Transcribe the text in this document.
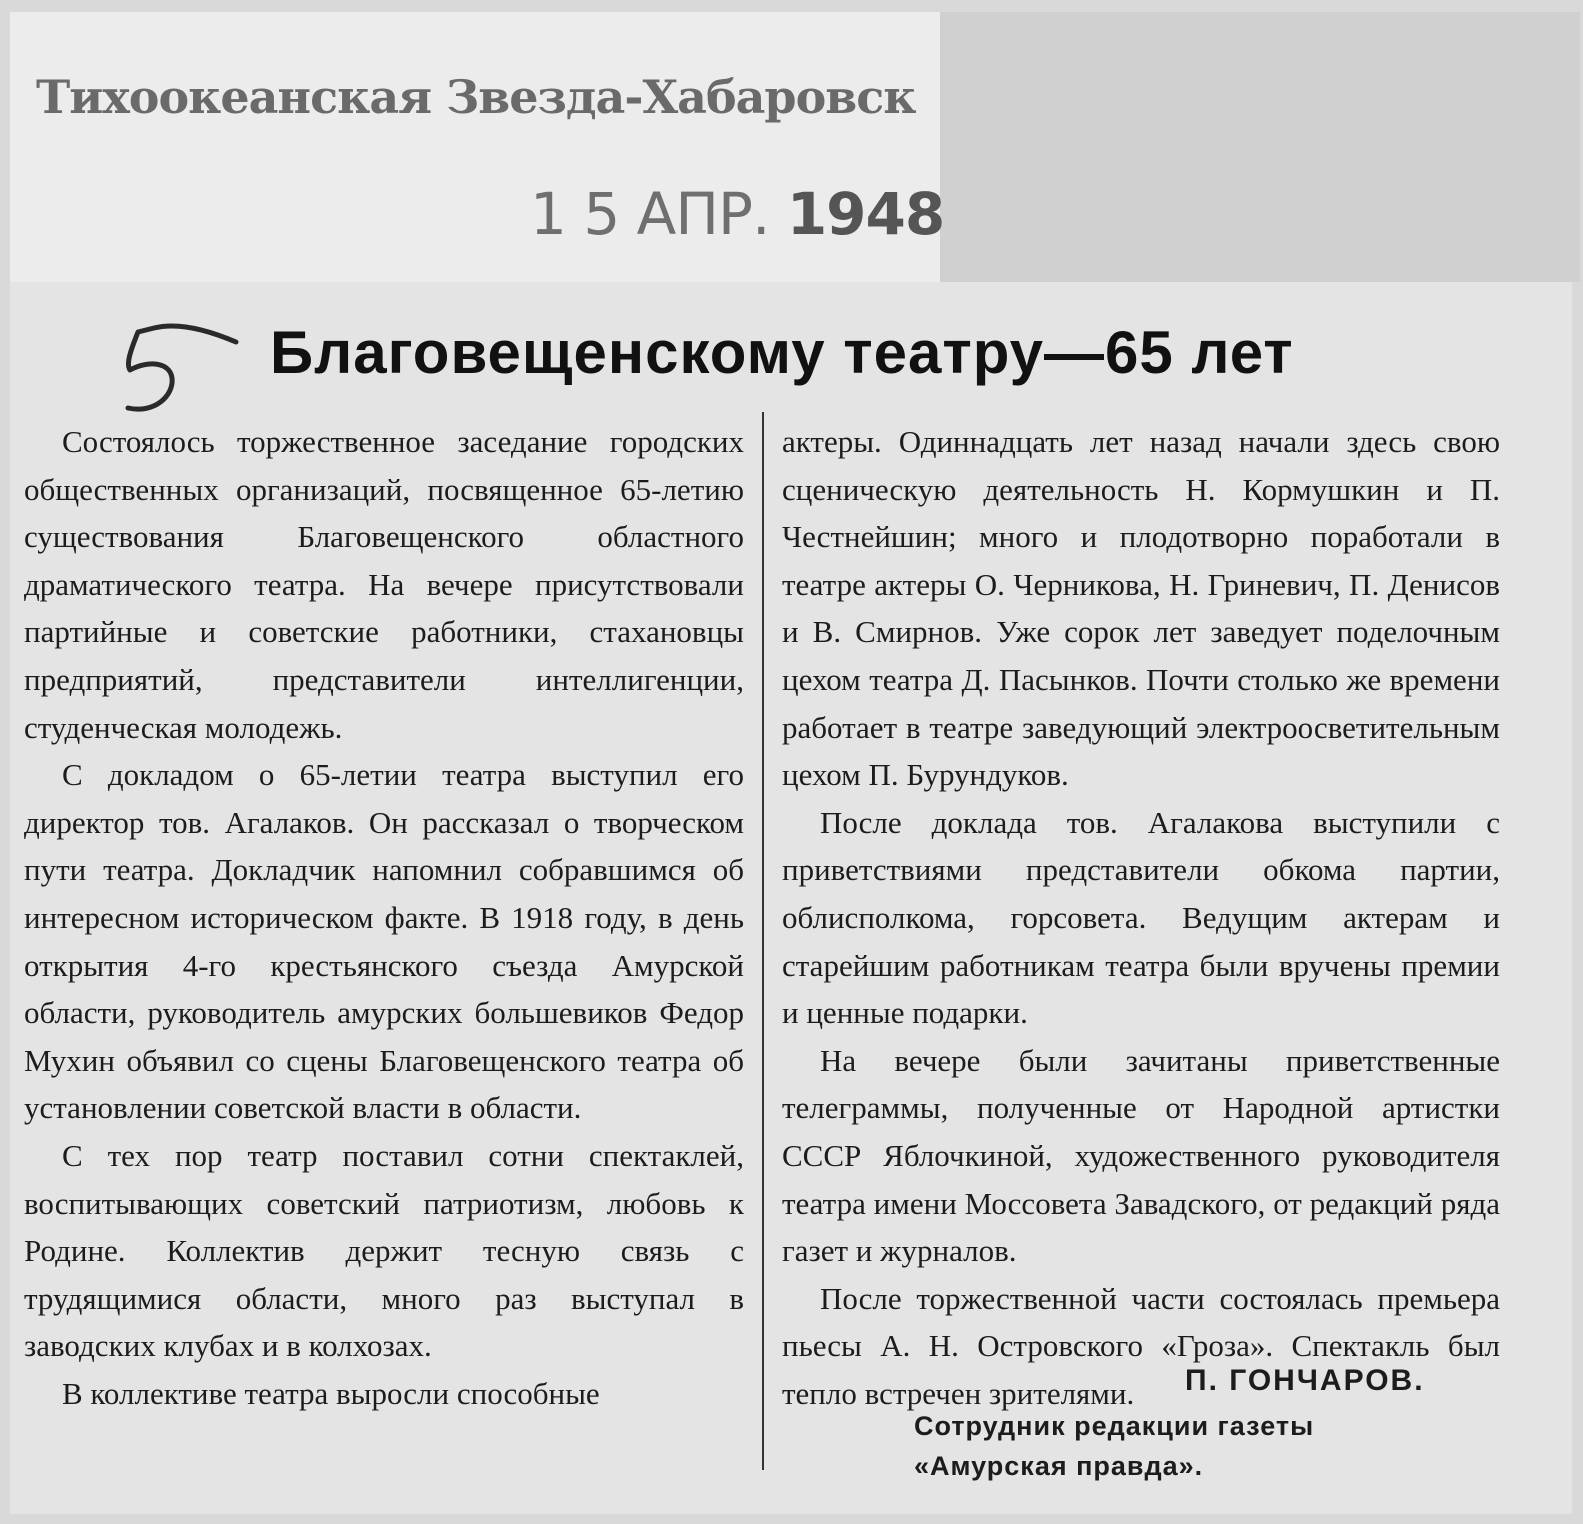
Тихоокеанская Звезда-Хабаровск
1 5 АПР. 1948
Благовещенскому театру—65 лет

Состоялось торжественное заседание городских общественных организаций, посвященное 65-летию существования Благовещенского областного драматического театра. На вечере присутствовали партийные и советские работники, стахановцы предприятий, представители интеллигенции, студенческая молодежь.

С докладом о 65-летии театра выступил его директор тов. Агалаков. Он рассказал о творческом пути театра. Докладчик напомнил собравшимся об интересном историческом факте. В 1918 году, в день открытия 4-го крестьянского съезда Амурской области, руководитель амурских большевиков Федор Мухин объявил со сцены Благовещенского театра об установлении советской власти в области.

С тех пор театр поставил сотни спектаклей, воспитывающих советский патриотизм, любовь к Родине. Коллектив держит тесную связь с трудящимися области, много раз выступал в заводских клубах и в колхозах.

В коллективе театра выросли способные

актеры. Одиннадцать лет назад начали здесь свою сценическую деятельность Н. Кормушкин и П. Честнейшин; много и плодотворно поработали в театре актеры О. Черникова, Н. Гриневич, П. Денисов и В. Смирнов. Уже сорок лет заведует поделочным цехом театра Д. Пасынков. Почти столько же времени работает в театре заведующий электроосветительным цехом П. Бурундуков.

После доклада тов. Агалакова выступили с приветствиями представители обкома партии, облисполкома, горсовета. Ведущим актерам и старейшим работникам театра были вручены премии и ценные подарки.

На вечере были зачитаны приветственные телеграммы, полученные от Народной артистки СССР Яблочкиной, художественного руководителя театра имени Моссовета Завадского, от редакций ряда газет и журналов.

После торжественной части состоялась премьера пьесы А. Н. Островского «Гроза». Спектакль был тепло встречен зрителями.	П. ГОНЧАРОВ.
Сотрудник редакции газеты
«Амурская правда».
